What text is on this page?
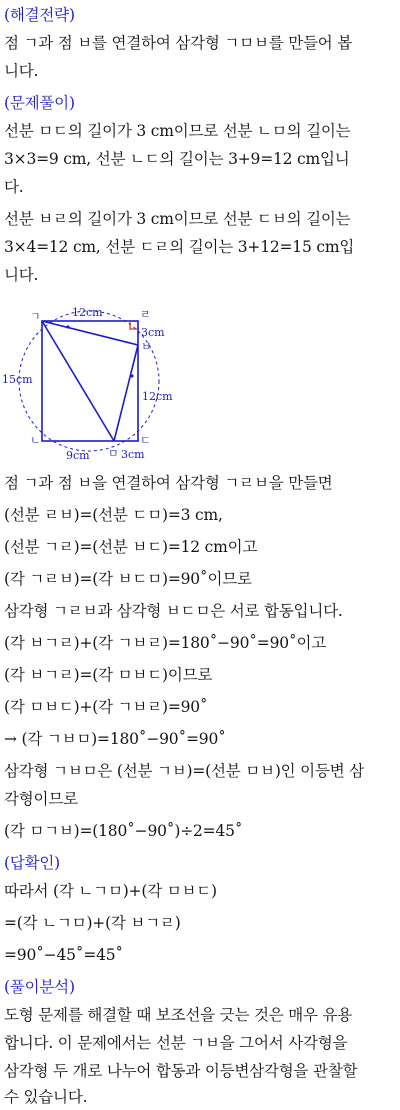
(해결전략)
점 ㄱ과 점 ㅂ를 연결하여 삼각형 ㄱㅁㅂ를 만들어 봅
니다.
(문제풀이)
선분 ㅁㄷ의 길이가 3 cm이므로 선분 ㄴㅁ의 길이는
3×3=9 cm, 선분 ㄴㄷ의 길이는 3+9=12 cm입니
다.
선분 ㅂㄹ의 길이가 3 cm이므로 선분 ㄷㅂ의 길이는
3×4=12 cm, 선분 ㄷㄹ의 길이는 3+12=15 cm입
니다.
점 ㄱ과 점 ㅂ을 연결하여 삼각형 ㄱㄹㅂ을 만들면
(선분 ㄹㅂ)=(선분 ㄷㅁ)=3 cm,
(선분 ㄱㄹ)=(선분 ㅂㄷ)=12 cm이고
(각 ㄱㄹㅂ)=(각 ㅂㄷㅁ)=90˚이므로
삼각형 ㄱㄹㅂ과 삼각형 ㅂㄷㅁ은 서로 합동입니다.
(각 ㅂㄱㄹ)+(각 ㄱㅂㄹ)=180˚−90˚=90˚이고
(각 ㅂㄱㄹ)=(각 ㅁㅂㄷ)이므로
(각 ㅁㅂㄷ)+(각 ㄱㅂㄹ)=90˚
→ (각 ㄱㅂㅁ)=180˚−90˚=90˚
삼각형 ㄱㅂㅁ은 (선분 ㄱㅂ)=(선분 ㅁㅂ)인 이등변 삼
각형이므로
(각 ㅁㄱㅂ)=(180˚−90˚)÷2=45˚
(답확인)
따라서 (각 ㄴㄱㅁ)+(각 ㅁㅂㄷ)
=(각 ㄴㄱㅁ)+(각 ㅂㄱㄹ)
=90˚−45˚=45˚
(풀이분석)
도형 문제를 해결할 때 보조선을 긋는 것은 매우 유용
합니다. 이 문제에서는 선분 ㄱㅂ을 그어서 사각형을
삼각형 두 개로 나누어 합동과 이등변삼각형을 관찰할
수 있습니다.
ㄱ	ㄹ
ㅂ
ㄴ	ㄷ
ㅁ
12cm
3cm
12cm
15cm
9cm	3cm
